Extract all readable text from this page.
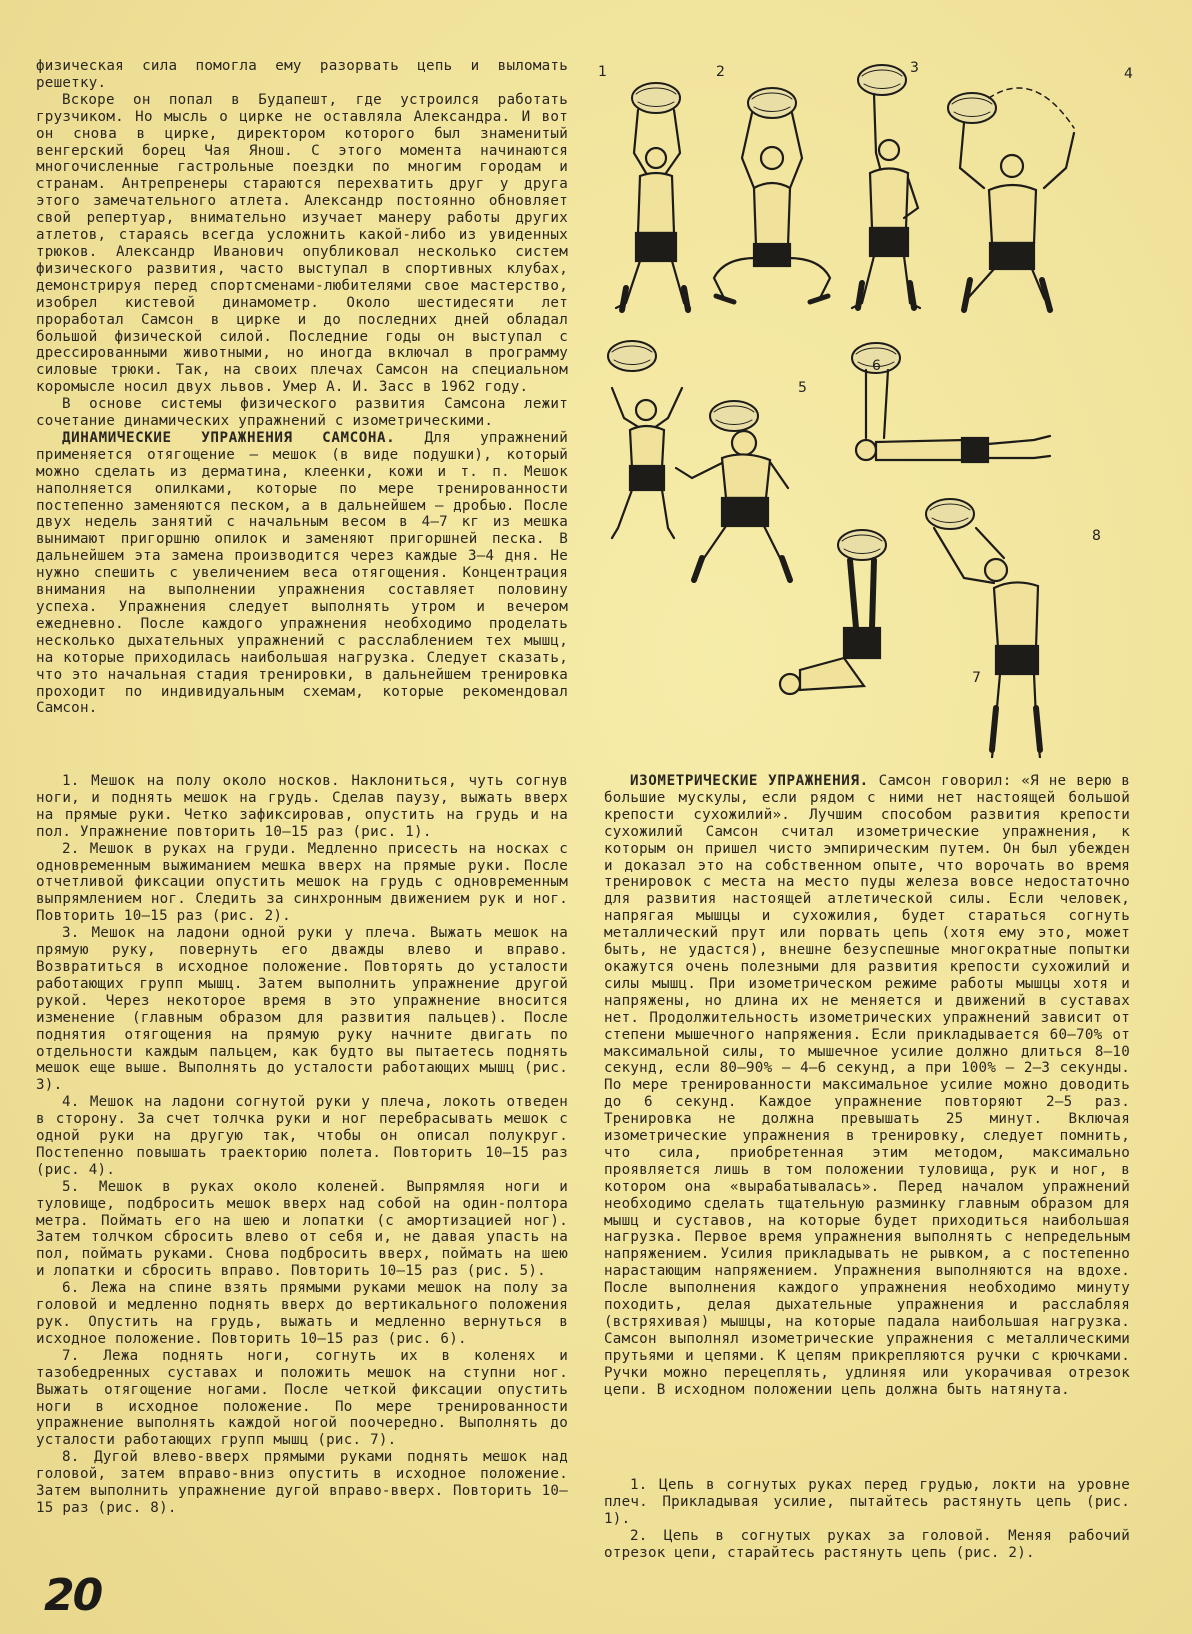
физическая сила помогла ему разорвать цепь и выломать решетку.

Вскоре он попал в Будапешт, где устроился работать грузчиком. Но мысль о цирке не оставляла Александра. И вот он снова в цирке, директором которого был знаменитый венгерский борец Чая Янош. С этого момента начинаются многочисленные гастрольные поездки по многим городам и странам. Антрепренеры стараются перехватить друг у друга этого замечательного атлета. Александр постоянно обновляет свой репертуар, внимательно изучает манеру работы других атлетов, стараясь всегда усложнить какой-либо из увиденных трюков. Александр Иванович опубликовал несколько систем физического развития, часто выступал в спортивных клубах, демонстрируя перед спортсменами-любителями свое мастерство, изобрел кистевой динамометр. Около шестидесяти лет проработал Самсон в цирке и до последних дней обладал большой физической силой. Последние годы он выступал с дрессированными животными, но иногда включал в программу силовые трюки. Так, на своих плечах Самсон на специальном коромысле носил двух львов. Умер А. И. Засс в 1962 году.

В основе системы физического развития Самсона лежит сочетание динамических упражнений с изометрическими.

ДИНАМИЧЕСКИЕ УПРАЖНЕНИЯ САМСОНА. Для упражнений применяется отягощение — мешок (в виде подушки), который можно сделать из дерматина, клеенки, кожи и т. п. Мешок наполняется опилками, которые по мере тренированности постепенно заменяются песком, а в дальнейшем — дробью. После двух недель занятий с начальным весом в 4—7 кг из мешка вынимают пригоршню опилок и заменяют пригоршней песка. В дальнейшем эта замена производится через каждые 3—4 дня. Не нужно спешить с увеличением веса отягощения. Концентрация внимания на выполнении упражнения составляет половину успеха. Упражнения следует выполнять утром и вечером ежедневно. После каждого упражнения необходимо проделать несколько дыхательных упражнений с расслаблением тех мышц, на которые приходилась наибольшая нагрузка. Следует сказать, что это начальная стадия тренировки, в дальнейшем тренировка проходит по индивидуальным схемам, которые рекомендовал Самсон.

1. Мешок на полу около носков. Наклониться, чуть согнув ноги, и поднять мешок на грудь. Сделав паузу, выжать вверх на прямые руки. Четко зафиксировав, опустить на грудь и на пол. Упражнение повторить 10—15 раз (рис. 1).

2. Мешок в руках на груди. Медленно присесть на носках с одновременным выжиманием мешка вверх на прямые руки. После отчетливой фиксации опустить мешок на грудь с одновременным выпрямлением ног. Следить за синхронным движением рук и ног. Повторить 10—15 раз (рис. 2).

3. Мешок на ладони одной руки у плеча. Выжать мешок на прямую руку, повернуть его дважды влево и вправо. Возвратиться в исходное положение. Повторять до усталости работающих групп мышц. Затем выполнить упражнение другой рукой. Через некоторое время в это упражнение вносится изменение (главным образом для развития пальцев). После поднятия отягощения на прямую руку начните двигать по отдельности каждым пальцем, как будто вы пытаетесь поднять мешок еще выше. Выполнять до усталости работающих мышц (рис. 3).

4. Мешок на ладони согнутой руки у плеча, локоть отведен в сторону. За счет толчка руки и ног перебрасывать мешок с одной руки на другую так, чтобы он описал полукруг. Постепенно повышать траекторию полета. Повторить 10—15 раз (рис. 4).

5. Мешок в руках около коленей. Выпрямляя ноги и туловище, подбросить мешок вверх над собой на один-полтора метра. Поймать его на шею и лопатки (с амортизацией ног). Затем толчком сбросить влево от себя и, не давая упасть на пол, поймать руками. Снова подбросить вверх, поймать на шею и лопатки и сбросить вправо. Повторить 10—15 раз (рис. 5).

6. Лежа на спине взять прямыми руками мешок на полу за головой и медленно поднять вверх до вертикального положения рук. Опустить на грудь, выжать и медленно вернуться в исходное положение. Повторить 10—15 раз (рис. 6).

7. Лежа поднять ноги, согнуть их в коленях и тазобедренных суставах и положить мешок на ступни ног. Выжать отягощение ногами. После четкой фиксации опустить ноги в исходное положение. По мере тренированности упражнение выполнять каждой ногой поочередно. Выполнять до усталости работающих групп мышц (рис. 7).

8. Дугой влево-вверх прямыми руками поднять мешок над головой, затем вправо-вниз опустить в исходное положение. Затем выполнить упражнение дугой вправо-вверх. Повторить 10—15 раз (рис. 8).

ИЗОМЕТРИЧЕСКИЕ УПРАЖНЕНИЯ. Самсон говорил: «Я не верю в большие мускулы, если рядом с ними нет настоящей большой крепости сухожилий». Лучшим способом развития крепости сухожилий Самсон считал изометрические упражнения, к которым он пришел чисто эмпирическим путем. Он был убежден и доказал это на собственном опыте, что ворочать во время тренировок с места на место пуды железа вовсе недостаточно для развития настоящей атлетической силы. Если человек, напрягая мышцы и сухожилия, будет стараться согнуть металлический прут или порвать цепь (хотя ему это, может быть, не удастся), внешне безуспешные многократные попытки окажутся очень полезными для развития крепости сухожилий и силы мышц. При изометрическом режиме работы мышцы хотя и напряжены, но длина их не меняется и движений в суставах нет. Продолжительность изометрических упражнений зависит от степени мышечного напряжения. Если прикладывается 60—70% от максимальной силы, то мышечное усилие должно длиться 8—10 секунд, если 80—90% — 4—6 секунд, а при 100% — 2—3 секунды. По мере тренированности максимальное усилие можно доводить до 6 секунд. Каждое упражнение повторяют 2—5 раз. Тренировка не должна превышать 25 минут. Включая изометрические упражнения в тренировку, следует помнить, что сила, приобретенная этим методом, максимально проявляется лишь в том положении туловища, рук и ног, в котором она «вырабатывалась». Перед началом упражнений необходимо сделать тщательную разминку главным образом для мышц и суставов, на которые будет приходиться наибольшая нагрузка. Первое время упражнения выполнять с непредельным напряжением. Усилия прикладывать не рывком, а с постепенно нарастающим напряжением. Упражнения выполняются на вдохе. После выполнения каждого упражнения необходимо минуту походить, делая дыхательные упражнения и расслабляя (встряхивая) мышцы, на которые падала наибольшая нагрузка. Самсон выполнял изометрические упражнения с металлическими прутьями и цепями. К цепям прикрепляются ручки с крючками. Ручки можно перецеплять, удлиняя или укорачивая отрезок цепи. В исходном положении цепь должна быть натянута.

1. Цепь в согнутых руках перед грудью, локти на уровне плеч. Прикладывая усилие, пытайтесь растянуть цепь (рис. 1).

2. Цепь в согнутых руках за головой. Меняя рабочий отрезок цепи, старайтесь растянуть цепь (рис. 2).

1	2	3	4
5
6
7
8
20
